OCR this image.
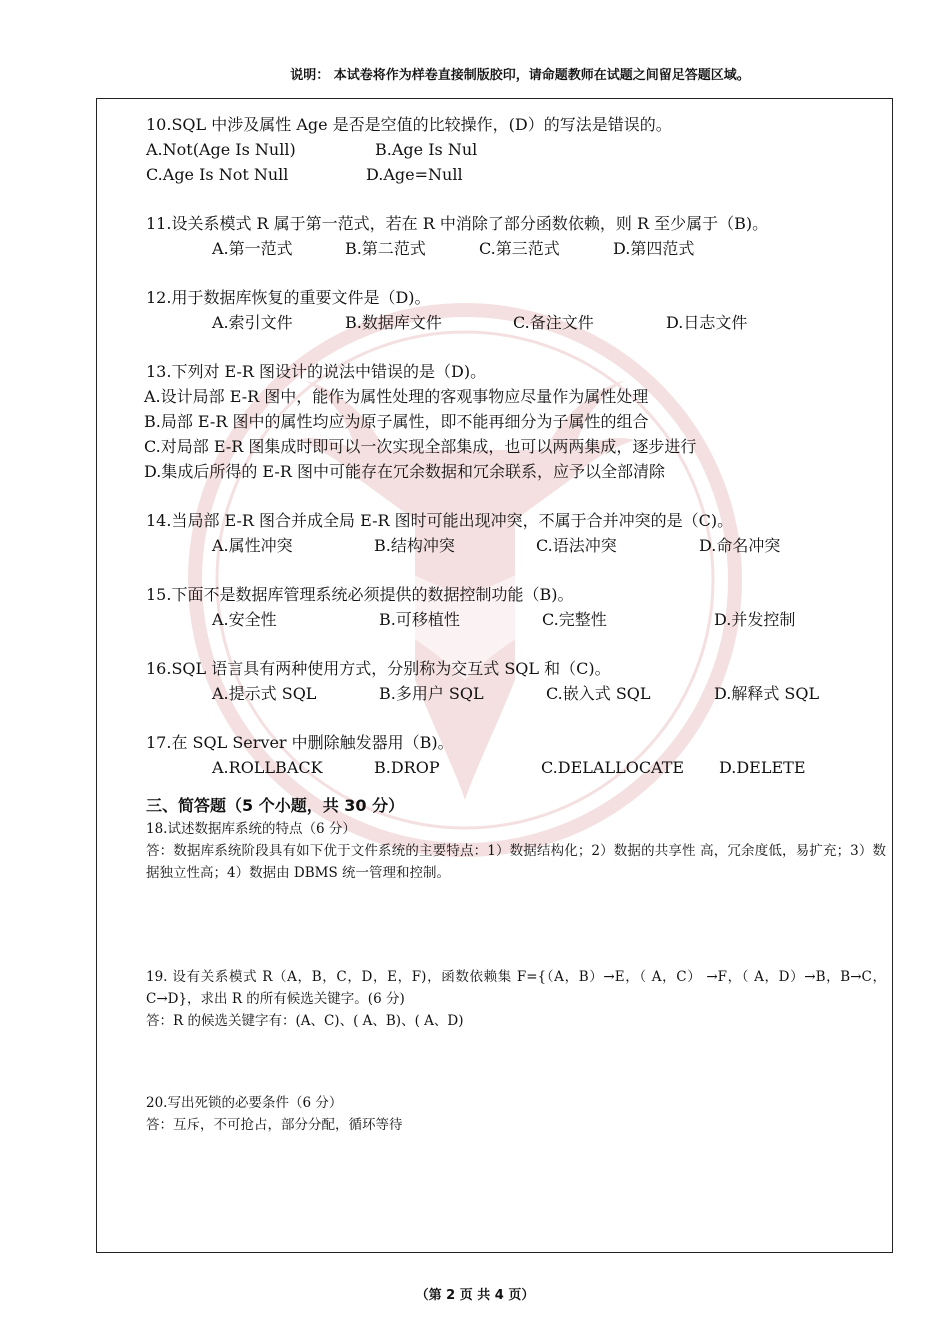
说明： 本试卷将作为样卷直接制版胶印，请命题教师在试题之间留足答题区域。
10.SQL 中涉及属性 Age 是否是空值的比较操作，(D）的写法是错误的。

A.Not(Age Is Null)

	B.Age Is Nul

C.Age Is Not Null

	D.Age=Null

11.设关系模式 R 属于第一范式，若在 R 中消除了部分函数依赖，则 R 至少属于（B)。

A.第一范式

	B.第二范式

	C.第三范式

	D.第四范式

12.用于数据库恢复的重要文件是（D)。

A.索引文件

	B.数据库文件

	C.备注文件

	D.日志文件

13.下列对 E-R 图设计的说法中错误的是（D)。
A.设计局部 E-R 图中，能作为属性处理的客观事物应尽量作为属性处理
B.局部 E-R 图中的属性均应为原子属性，即不能再细分为子属性的组合
C.对局部 E-R 图集成时即可以一次实现全部集成，也可以两两集成，逐步进行
D.集成后所得的 E-R 图中可能存在冗余数据和冗余联系，应予以全部清除
14.当局部 E-R 图合并成全局 E-R 图时可能出现冲突，不属于合并冲突的是（C)。

A.属性冲突

	B.结构冲突

	C.语法冲突

	D.命名冲突

15.下面不是数据库管理系统必须提供的数据控制功能（B)。

A.安全性

	B.可移植性

	C.完整性

	D.并发控制

16.SQL 语言具有两种使用方式，分别称为交互式 SQL 和（C)。

A.提示式 SQL

	B.多用户 SQL

	C.嵌入式 SQL

	D.解释式 SQL

17.在 SQL Server 中删除触发器用（B)。

A.ROLLBACK

	B.DROP

	C.DELALLOCATE

D.DELETE

三、简答题（5 个小题，共 30 分）
18.试述数据库系统的特点（6 分）
答：数据库系统阶段具有如下优于文件系统的主要特点：1）数据结构化；2）数据的共享性 高，冗余度低，易扩充；3）数据独立性高；4）数据由 DBMS 统一管理和控制。
19. 设有关系模式 R（A，B，C，D，E，F)，函数依赖集 F={（A，B）→E，（ A，C） →F，（ A，D）→B，B→C，C→D}，求出 R 的所有候选关键字。(6 分)
答：R 的候选关键字有：(A、C)、( A、B)、( A、D)
20.写出死锁的必要条件（6 分）
答：互斥，不可抢占，部分分配，循环等待
（第 2 页 共 4 页）
